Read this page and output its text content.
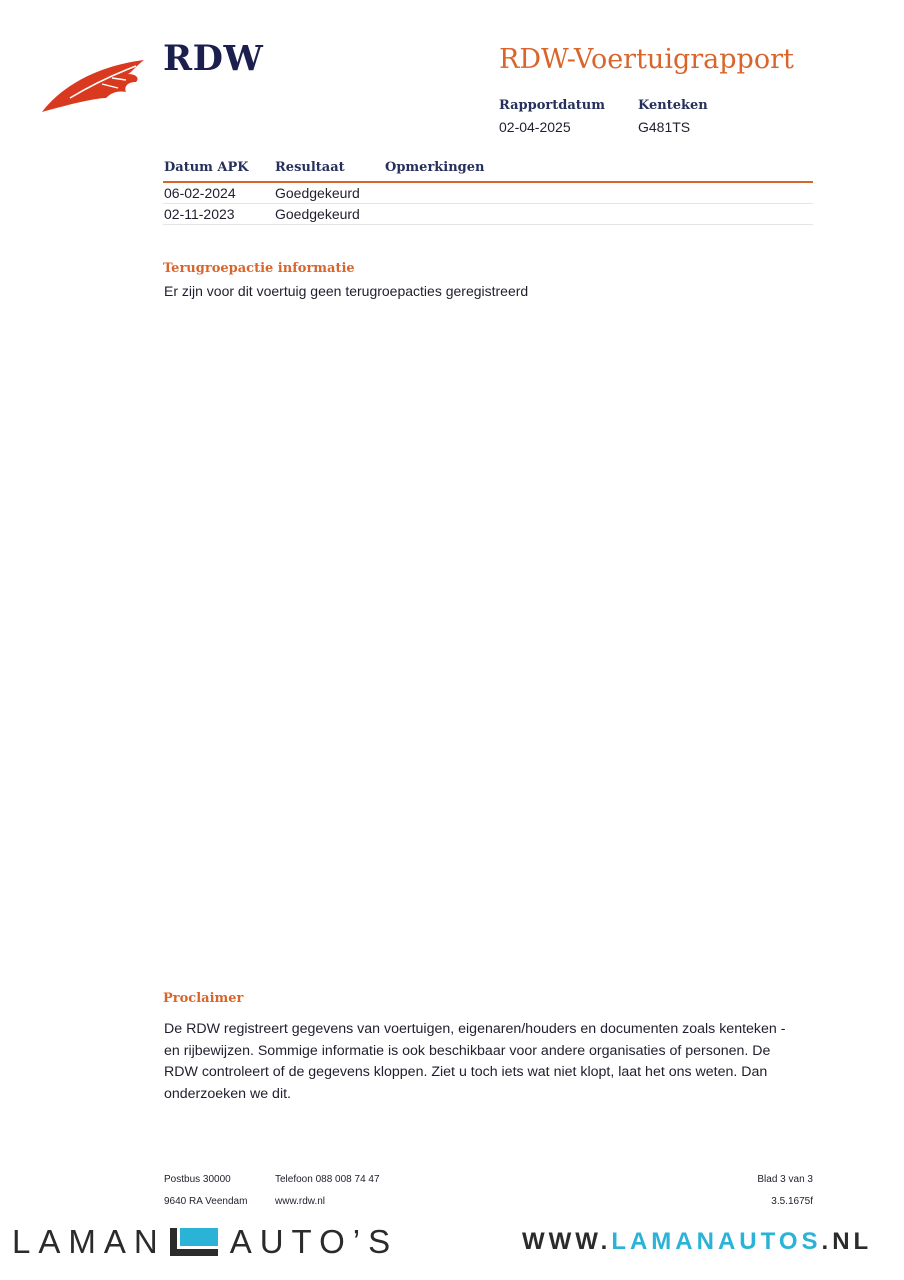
RDW	RDW-Voertuigrapport
Rapportdatum
02-04-2025
Kenteken
G481TS
Datum APK Resultaat	Opmerkingen
06-02-2024	Goedgekeurd
02-11-2023	Goedgekeurd
Terugroepactie informatie
Er zijn voor dit voertuig geen terugroepacties geregistreerd
Proclaimer
De RDW registreert gegevens van voertuigen, eigenaren/houders en documenten zoals kenteken - en rijbewijzen. Sommige informatie is ook beschikbaar voor andere organisaties of personen. De RDW controleert of de gegevens kloppen. Ziet u toch iets wat niet klopt, laat het ons weten. Dan onderzoeken we dit.
Postbus 30000	Telefoon 088 008 74 47	Blad 3 van 3
9640 RA Veendam	www.rdw.nl	3.5.1675f
LAMAN AUTO’S	WWW. LAMANAUTOS .NL
